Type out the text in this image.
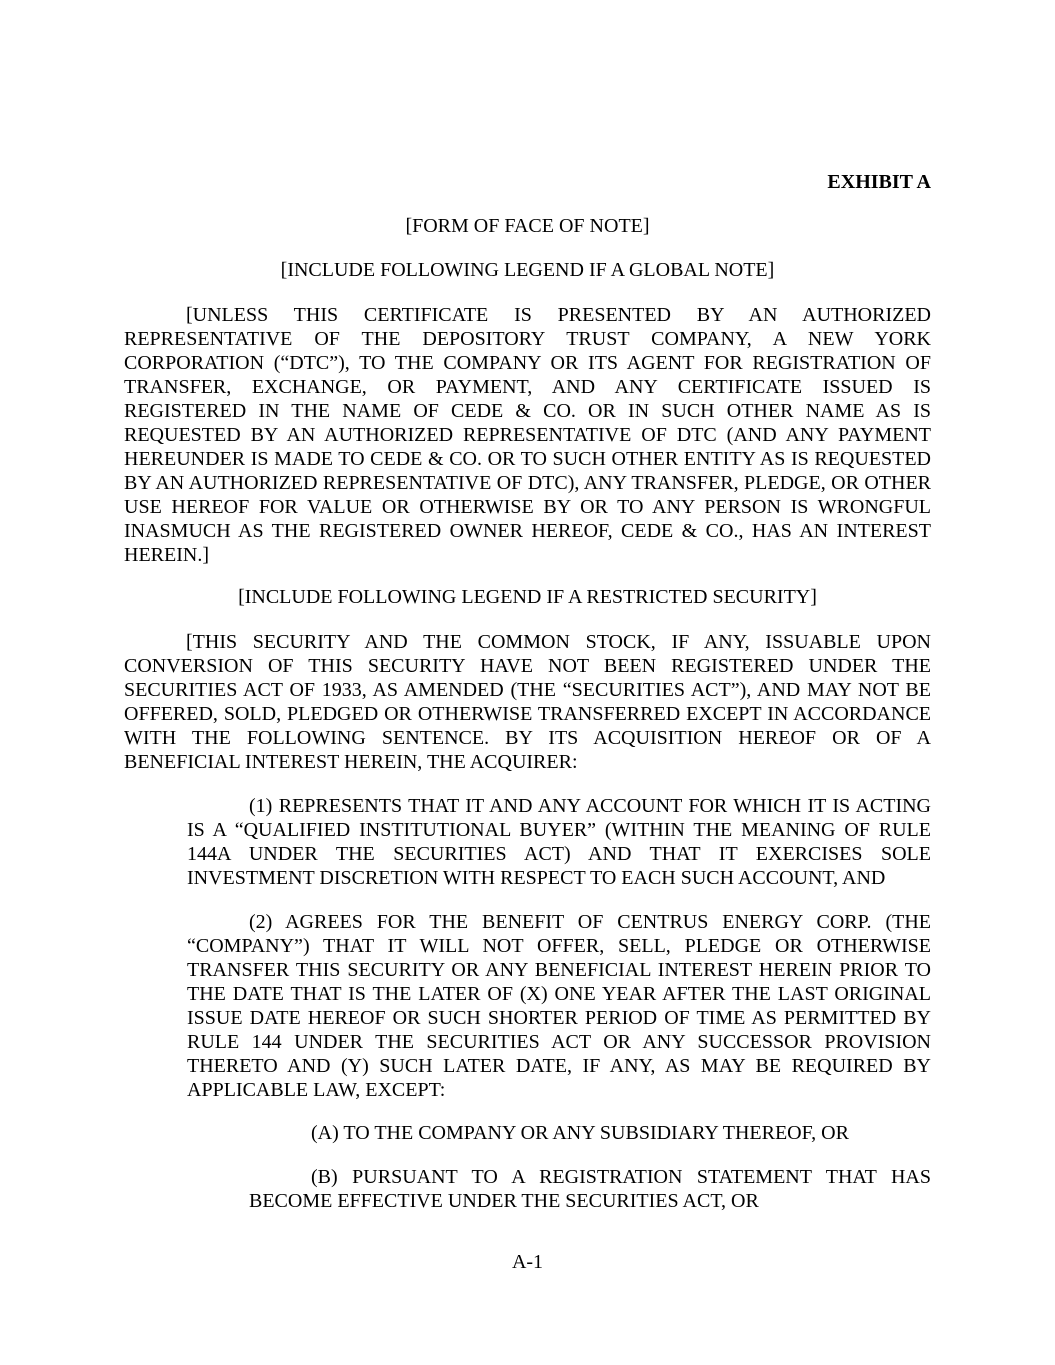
EXHIBIT A

[FORM OF FACE OF NOTE]

[INCLUDE FOLLOWING LEGEND IF A GLOBAL NOTE]

[UNLESS THIS CERTIFICATE IS PRESENTED BY AN AUTHORIZED REPRESENTATIVE OF THE DEPOSITORY TRUST COMPANY, A NEW YORK CORPORATION (“DTC”), TO THE COMPANY OR ITS AGENT FOR REGISTRATION OF TRANSFER, EXCHANGE, OR PAYMENT, AND ANY CERTIFICATE ISSUED IS REGISTERED IN THE NAME OF CEDE & CO. OR IN SUCH OTHER NAME AS IS REQUESTED BY AN AUTHORIZED REPRESENTATIVE OF DTC (AND ANY PAYMENT HEREUNDER IS MADE TO CEDE & CO. OR TO SUCH OTHER ENTITY AS IS REQUESTED BY AN AUTHORIZED REPRESENTATIVE OF DTC), ANY TRANSFER, PLEDGE, OR OTHER USE HEREOF FOR VALUE OR OTHERWISE BY OR TO ANY PERSON IS WRONGFUL INASMUCH AS THE REGISTERED OWNER HEREOF, CEDE & CO., HAS AN INTEREST HEREIN.]

[INCLUDE FOLLOWING LEGEND IF A RESTRICTED SECURITY]

[THIS SECURITY AND THE COMMON STOCK, IF ANY, ISSUABLE UPON CONVERSION OF THIS SECURITY HAVE NOT BEEN REGISTERED UNDER THE SECURITIES ACT OF 1933, AS AMENDED (THE “SECURITIES ACT”), AND MAY NOT BE OFFERED, SOLD, PLEDGED OR OTHERWISE TRANSFERRED EXCEPT IN ACCORDANCE WITH THE FOLLOWING SENTENCE. BY ITS ACQUISITION HEREOF OR OF A BENEFICIAL INTEREST HEREIN, THE ACQUIRER:

(1) REPRESENTS THAT IT AND ANY ACCOUNT FOR WHICH IT IS ACTING IS A “QUALIFIED INSTITUTIONAL BUYER” (WITHIN THE MEANING OF RULE 144A UNDER THE SECURITIES ACT) AND THAT IT EXERCISES SOLE INVESTMENT DISCRETION WITH RESPECT TO EACH SUCH ACCOUNT, AND

(2) AGREES FOR THE BENEFIT OF CENTRUS ENERGY CORP. (THE “COMPANY”) THAT IT WILL NOT OFFER, SELL, PLEDGE OR OTHERWISE TRANSFER THIS SECURITY OR ANY BENEFICIAL INTEREST HEREIN PRIOR TO THE DATE THAT IS THE LATER OF (X) ONE YEAR AFTER THE LAST ORIGINAL ISSUE DATE HEREOF OR SUCH SHORTER PERIOD OF TIME AS PERMITTED BY RULE 144 UNDER THE SECURITIES ACT OR ANY SUCCESSOR PROVISION THERETO AND (Y) SUCH LATER DATE, IF ANY, AS MAY BE REQUIRED BY APPLICABLE LAW, EXCEPT:

(A) TO THE COMPANY OR ANY SUBSIDIARY THEREOF, OR

(B) PURSUANT TO A REGISTRATION STATEMENT THAT HAS BECOME EFFECTIVE UNDER THE SECURITIES ACT, OR

A-1
